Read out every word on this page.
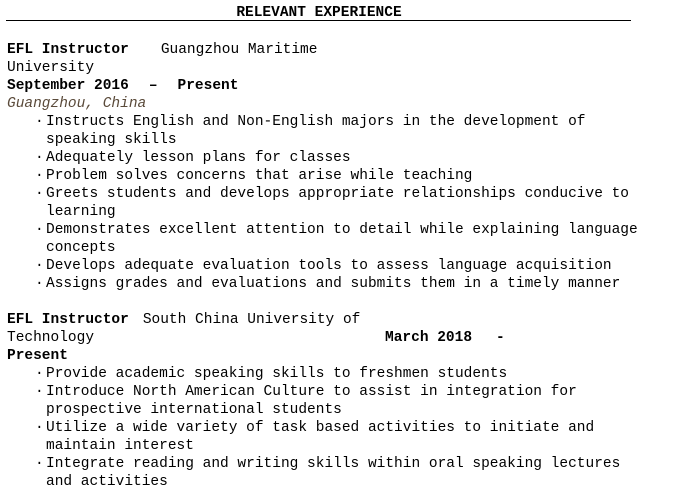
RELEVANT EXPERIENCE
EFL Instructor Guangzhou Maritime
University
September 2016 – Present
Guangzhou, China
· Instructs English and Non-English majors in the development of speaking skills
· Adequately lesson plans for classes
· Problem solves concerns that arise while teaching
· Greets students and develops appropriate relationships conducive to learning
· Demonstrates excellent attention to detail while explaining language concepts
· Develops adequate evaluation tools to assess language acquisition
· Assigns grades and evaluations and submits them in a timely manner
EFL Instructor South China University of
Technology	March 2018 -
Present
· Provide academic speaking skills to freshmen students
· Introduce North American Culture to assist in integration for prospective international students
· Utilize a wide variety of task based activities to initiate and maintain interest
· Integrate reading and writing skills within oral speaking lectures and activities
